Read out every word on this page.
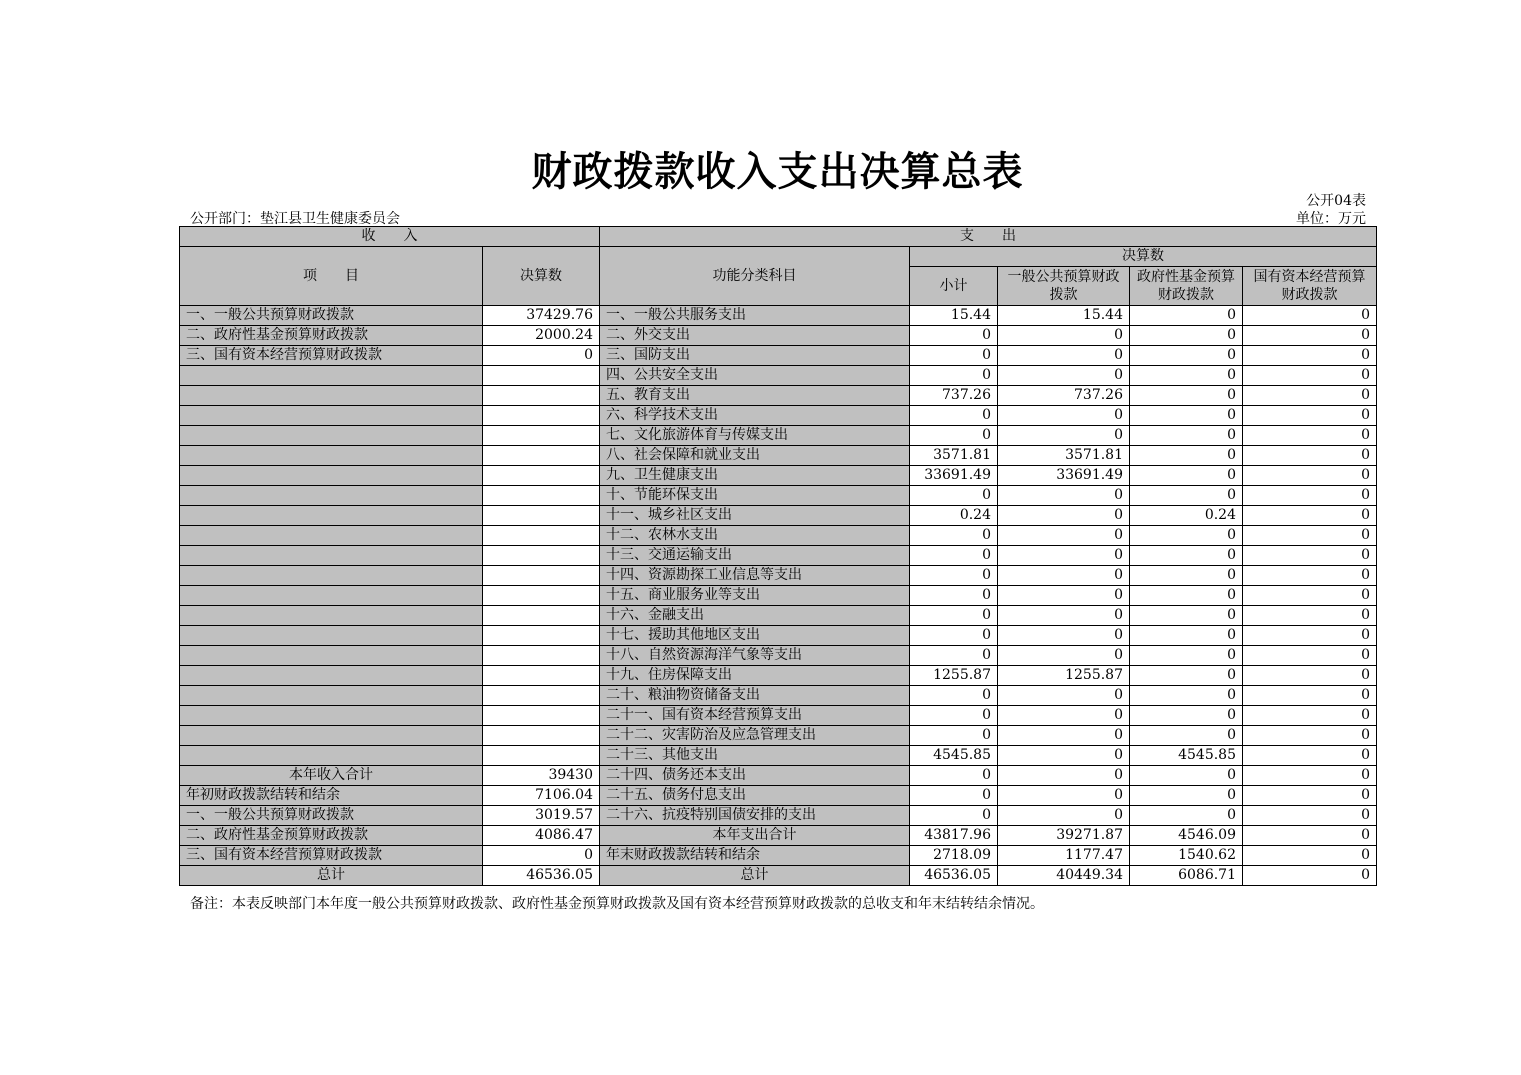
财政拨款收入支出决算总表
公开04表
公开部门：垫江县卫生健康委员会	单位：万元
收　　入		支　　出				
项　　目	决算数	功能分类科目	决算数			
			小计	一般公共预算财政拨款	政府性基金预算财政拨款	国有资本经营预算财政拨款
一、一般公共预算财政拨款	37429.76	一、一般公共服务支出	15.44	15.44	0	0
二、政府性基金预算财政拨款	2000.24	二、外交支出	0	0	0	0
三、国有资本经营预算财政拨款	0	三、国防支出	0	0	0	0
		四、公共安全支出	0	0	0	0
		五、教育支出	737.26	737.26	0	0
		六、科学技术支出	0	0	0	0
		七、文化旅游体育与传媒支出	0	0	0	0
		八、社会保障和就业支出	3571.81	3571.81	0	0
		九、卫生健康支出	33691.49	33691.49	0	0
		十、节能环保支出	0	0	0	0
		十一、城乡社区支出	0.24	0	0.24	0
		十二、农林水支出	0	0	0	0
		十三、交通运输支出	0	0	0	0
		十四、资源勘探工业信息等支出	0	0	0	0
		十五、商业服务业等支出	0	0	0	0
		十六、金融支出	0	0	0	0
		十七、援助其他地区支出	0	0	0	0
		十八、自然资源海洋气象等支出	0	0	0	0
		十九、住房保障支出	1255.87	1255.87	0	0
		二十、粮油物资储备支出	0	0	0	0
		二十一、国有资本经营预算支出	0	0	0	0
		二十二、灾害防治及应急管理支出	0	0	0	0
		二十三、其他支出	4545.85	0	4545.85	0
本年收入合计	39430	二十四、债务还本支出	0	0	0	0
年初财政拨款结转和结余	7106.04	二十五、债务付息支出	0	0	0	0
一、一般公共预算财政拨款	3019.57	二十六、抗疫特别国债安排的支出	0	0	0	0
二、政府性基金预算财政拨款	4086.47	本年支出合计	43817.96	39271.87	4546.09	0
三、国有资本经营预算财政拨款	0	年末财政拨款结转和结余	2718.09	1177.47	1540.62	0
总计	46536.05	总计	46536.05	40449.34	6086.71	0
备注：本表反映部门本年度一般公共预算财政拨款、政府性基金预算财政拨款及国有资本经营预算财政拨款的总收支和年末结转结余情况。
